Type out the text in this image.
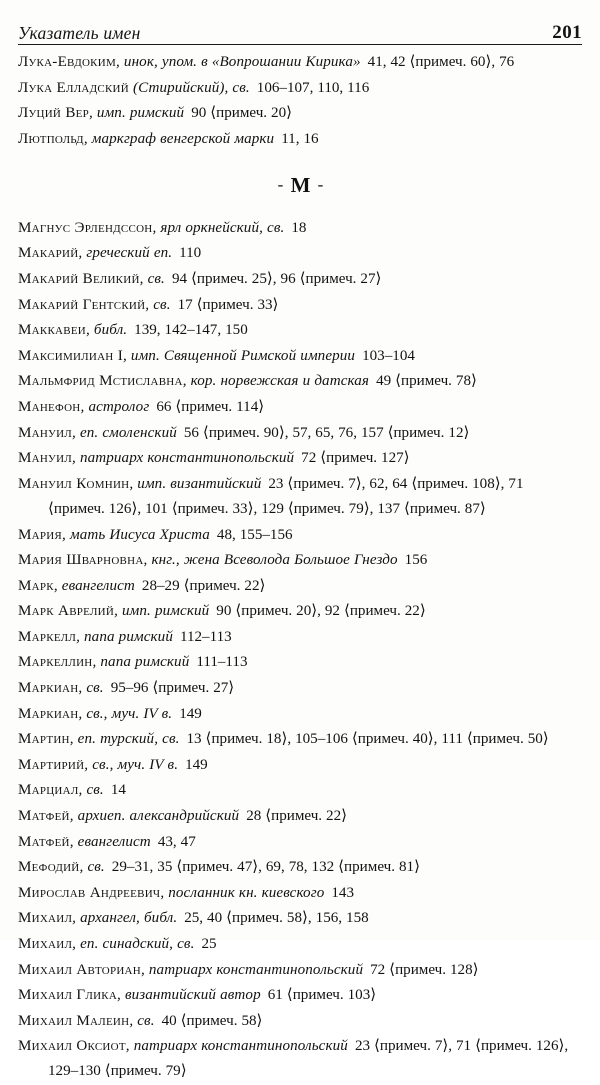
Указатель имен	201

Лука-Евдоким, инок, упом. в «Вопрошании Кирика» 41, 42 ⟨примеч. 60⟩, 76

Лука Елладский (Стирийский), св. 106–107, 110, 116

Луций Вер, имп. римский 90 ⟨примеч. 20⟩

Лютпольд, маркграф венгерской марки 11, 16

- M -

Магнус Эрлендссон, ярл оркнейский, св. 18

Макарий, греческий еп. 110

Макарий Великий, св. 94 ⟨примеч. 25⟩, 96 ⟨примеч. 27⟩

Макарий Гентский, св. 17 ⟨примеч. 33⟩

Маккавеи, библ. 139, 142–147, 150

Максимилиан I, имп. Священной Римской империи 103–104

Мальмфрид Мстиславна, кор. норвежская и датская 49 ⟨примеч. 78⟩

Манефон, астролог 66 ⟨примеч. 114⟩

Мануил, еп. смоленский 56 ⟨примеч. 90⟩, 57, 65, 76, 157 ⟨примеч. 12⟩

Мануил, патриарх константинопольский 72 ⟨примеч. 127⟩

Мануил Комнин, имп. византийский 23 ⟨примеч. 7⟩, 62, 64 ⟨примеч. 108⟩, 71 ⟨примеч. 126⟩, 101 ⟨примеч. 33⟩, 129 ⟨примеч. 79⟩, 137 ⟨примеч. 87⟩

Мария, мать Иисуса Христа 48, 155–156

Мария Шварновна, кнг., жена Всеволода Большое Гнездо 156

Марк, евангелист 28–29 ⟨примеч. 22⟩

Марк Аврелий, имп. римский 90 ⟨примеч. 20⟩, 92 ⟨примеч. 22⟩

Маркелл, папа римский 112–113

Маркеллин, папа римский 111–113

Маркиан, св. 95–96 ⟨примеч. 27⟩

Маркиан, св., муч. IV в. 149

Мартин, еп. турский, св. 13 ⟨примеч. 18⟩, 105–106 ⟨примеч. 40⟩, 111 ⟨примеч. 50⟩

Мартирий, св., муч. IV в. 149

Марциал, св. 14

Матфей, архиеп. александрийский 28 ⟨примеч. 22⟩

Матфей, евангелист 43, 47

Мефодий, св. 29–31, 35 ⟨примеч. 47⟩, 69, 78, 132 ⟨примеч. 81⟩

Мирослав Андреевич, посланник кн. киевского 143

Михаил, архангел, библ. 25, 40 ⟨примеч. 58⟩, 156, 158

Михаил, еп. синадский, св. 25

Михаил Авториан, патриарх константинопольский 72 ⟨примеч. 128⟩

Михаил Глика, византийский автор 61 ⟨примеч. 103⟩

Михаил Малеин, св. 40 ⟨примеч. 58⟩

Михаил Оксиот, патриарх константинопольский 23 ⟨примеч. 7⟩, 71 ⟨примеч. 126⟩, 129–130 ⟨примеч. 79⟩
